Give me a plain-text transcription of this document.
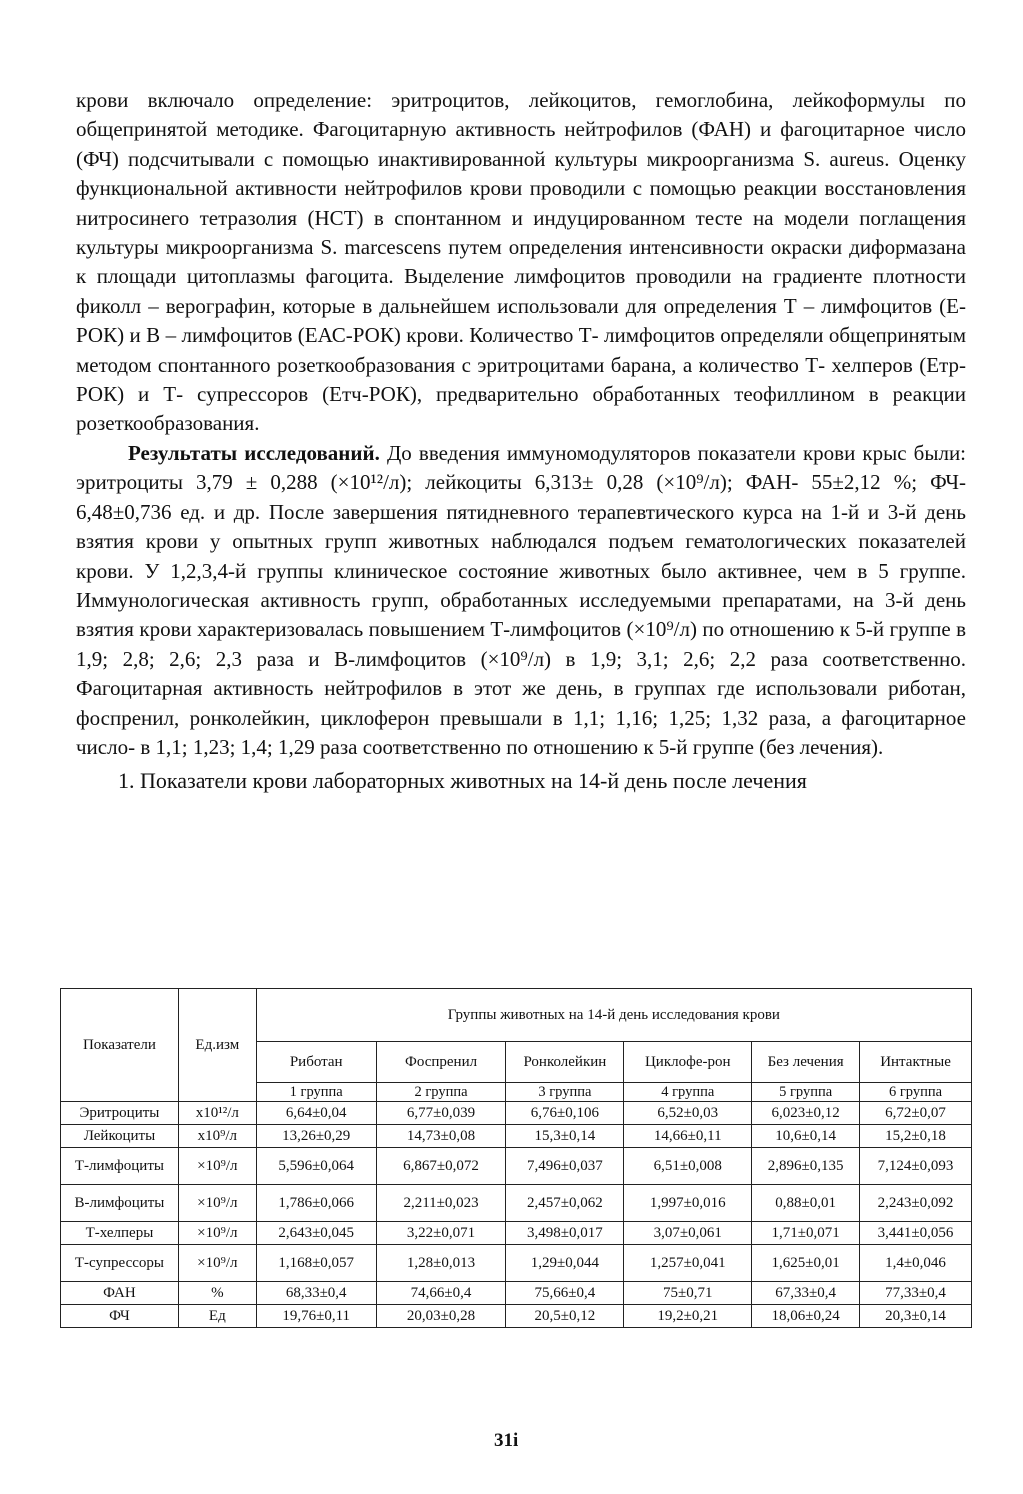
крови включало определение: эритроцитов, лейкоцитов, гемоглобина, лейкоформулы по общепринятой методике. Фагоцитарную активность нейтрофилов (ФАН) и фагоцитарное число (ФЧ) подсчитывали с помощью инактивированной культуры микроорганизма S. aureus. Оценку функциональной активности нейтрофилов крови проводили с помощью реакции восстановления нитросинего тетразолия (НСТ) в спонтанном и индуцированном тесте на модели поглащения культуры микроорганизма S. marcescens путем определения интенсивности окраски диформазана к площади цитоплазмы фагоцита. Выделение лимфоцитов проводили на градиенте плотности фиколл – верографин, которые в дальнейшем использовали для определения Т – лимфоцитов (Е-РОК) и В – лимфоцитов (ЕАС-РОК) крови. Количество Т- лимфоцитов определяли общепринятым методом спонтанного розеткообразования с эритроцитами барана, а количество Т- хелперов (Етр-РОК) и Т- супрессоров (Етч-РОК), предварительно обработанных теофиллином в реакции розеткообразования.

Результаты исследований. До введения иммуномодуляторов показатели крови крыс были: эритроциты 3,79 ± 0,288 (×10¹²/л); лейкоциты 6,313± 0,28 (×10⁹/л); ФАН- 55±2,12 %; ФЧ- 6,48±0,736 ед. и др. После завершения пятидневного терапевтического курса на 1-й и 3-й день взятия крови у опытных групп животных наблюдался подъем гематологических показателей крови. У 1,2,3,4-й группы клиническое состояние животных было активнее, чем в 5 группе. Иммунологическая активность групп, обработанных исследуемыми препаратами, на 3-й день взятия крови характеризовалась повышением Т-лимфоцитов (×10⁹/л) по отношению к 5-й группе в 1,9; 2,8; 2,6; 2,3 раза и В-лимфоцитов (×10⁹/л) в 1,9; 3,1; 2,6; 2,2 раза соответственно. Фагоцитарная активность нейтрофилов в этот же день, в группах где использовали риботан, фоспренил, ронколейкин, циклоферон превышали в 1,1; 1,16; 1,25; 1,32 раза, а фагоцитарное число- в 1,1; 1,23; 1,4; 1,29 раза соответственно по отношению к 5-й группе (без лечения).

1. Показатели крови лабораторных животных на 14-й день после лечения
Показатели	Ед.изм	Группы животных на 14-й день исследования крови					
		Риботан	Фоспренил	Ронколейкин	Циклофе-рон	Без лечения	Интактные
		1 группа	2 группа	3 группа	4 группа	5 группа	6 группа
Эритроциты	x10¹²/л	6,64±0,04	6,77±0,039	6,76±0,106	6,52±0,03	6,023±0,12	6,72±0,07
Лейкоциты	x10⁹/л	13,26±0,29	14,73±0,08	15,3±0,14	14,66±0,11	10,6±0,14	15,2±0,18
Т-лимфоциты	×10⁹/л	5,596±0,064	6,867±0,072	7,496±0,037	6,51±0,008	2,896±0,135	7,124±0,093
В-лимфоциты	×10⁹/л	1,786±0,066	2,211±0,023	2,457±0,062	1,997±0,016	0,88±0,01	2,243±0,092
Т-хелперы	×10⁹/л	2,643±0,045	3,22±0,071	3,498±0,017	3,07±0,061	1,71±0,071	3,441±0,056
Т-супрессоры	×10⁹/л	1,168±0,057	1,28±0,013	1,29±0,044	1,257±0,041	1,625±0,01	1,4±0,046
ФАН	%	68,33±0,4	74,66±0,4	75,66±0,4	75±0,71	67,33±0,4	77,33±0,4
ФЧ	Ед	19,76±0,11	20,03±0,28	20,5±0,12	19,2±0,21	18,06±0,24	20,3±0,14
31i
